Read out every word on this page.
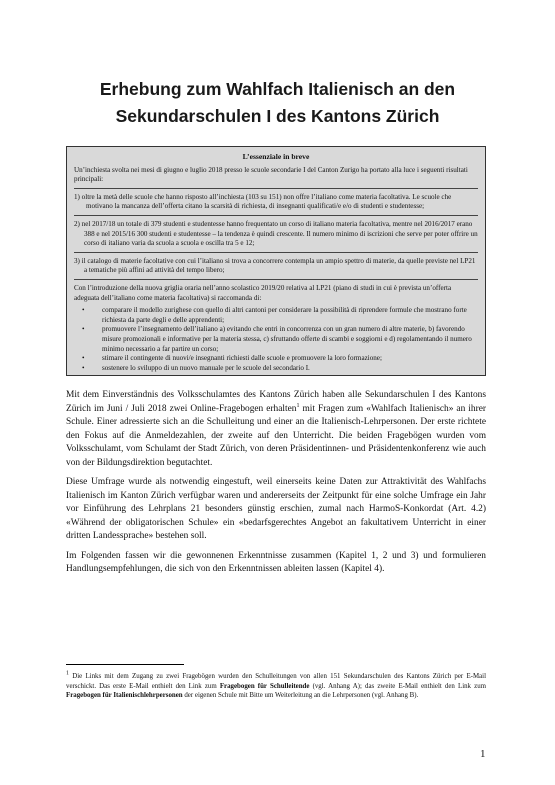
Erhebung zum Wahlfach Italienisch an den
Sekundarschulen I des Kantons Zürich
L’essenziale in breve

Un’inchiesta svolta nei mesi di giugno e luglio 2018 presso le scuole secondarie I del Canton Zurigo ha portato alla luce i seguenti risultati principali:

1) oltre la metà delle scuole che hanno risposto all’inchiesta (103 su 151) non offre l’italiano come materia facoltativa. Le scuole che motivano la mancanza dell’offerta citano la scarsità di richiesta, di insegnanti qualificati/e e/o di studenti e studentesse;

2) nel 2017/18 un totale di 379 studenti e studentesse hanno frequentato un corso di italiano materia facoltativa, mentre nel 2016/2017 erano 388 e nel 2015/16 300 studenti e studentesse – la tendenza è quindi crescente. Il numero minimo di iscrizioni che serve per poter offrire un corso di italiano varia da scuola a scuola e oscilla tra 5 e 12;

3) il catalogo di materie facoltative con cui l’italiano si trova a concorrere contempla un ampio spettro di materie, da quelle previste nel LP21 a tematiche più affini ad attività del tempo libero;

Con l’introduzione della nuova griglia oraria nell’anno scolastico 2019/20 relativa al LP21 (piano di studi in cui è prevista un’offerta adeguata dell’italiano come materia facoltativa) si raccomanda di:

• comparare il modello zurighese con quello di altri cantoni per considerare la possibilità di riprendere formule che mostrano forte richiesta da parte degli e delle apprendenti;
• promuovere l’insegnamento dell’italiano a) evitando che entri in concorrenza con un gran numero di altre materie, b) favorendo misure promozionali e informative per la materia stessa, c) sfruttando offerte di scambi e soggiorni e d) regolamentando il numero minimo necessario a far partire un corso;
• stimare il contingente di nuovi/e insegnanti richiesti dalle scuole e promuovere la loro formazione;
• sostenere lo sviluppo di un nuovo manuale per le scuole del secondario I.

Mit dem Einverständnis des Volksschulamtes des Kantons Zürich haben alle Sekundarschulen I des Kantons Zürich im Juni / Juli 2018 zwei Online-Fragebogen erhalten$^1$ mit Fragen zum «Wahlfach Italienisch» an ihrer Schule. Einer adressierte sich an die Schulleitung und einer an die Italienisch-Lehrpersonen. Der erste richtete den Fokus auf die Anmeldezahlen, der zweite auf den Unterricht. Die beiden Fragebögen wurden vom Volksschulamt, vom Schulamt der Stadt Zürich, von deren Präsidentinnen- und Präsidentenkonferenz wie auch von der Bildungsdirektion begutachtet.

Diese Umfrage wurde als notwendig eingestuft, weil einerseits keine Daten zur Attraktivität des Wahlfachs Italienisch im Kanton Zürich verfügbar waren und andererseits der Zeitpunkt für eine solche Umfrage ein Jahr vor Einführung des Lehrplans 21 besonders günstig erschien, zumal nach HarmoS-Konkordat (Art. 4.2) «Während der obligatorischen Schule» ein «bedarfsgerechtes Angebot an fakultativem Unterricht in einer dritten Landessprache» bestehen soll.

Im Folgenden fassen wir die gewonnenen Erkenntnisse zusammen (Kapitel 1, 2 und 3) und formulieren Handlungsempfehlungen, die sich von den Erkenntnissen ableiten lassen (Kapitel 4).

$^1$ Die Links mit dem Zugang zu zwei Fragebögen wurden den Schulleitungen von allen 151 Sekundarschulen des Kantons Zürich per E-Mail verschickt. Das erste E-Mail enthielt den Link zum Fragebogen für Schulleitende (vgl. Anhang A); das zweite E-Mail enthielt den Link zum Fragebogen für Italienischlehrpersonen der eigenen Schule mit Bitte um Weiterleitung an die Lehrpersonen (vgl. Anhang B).
1
